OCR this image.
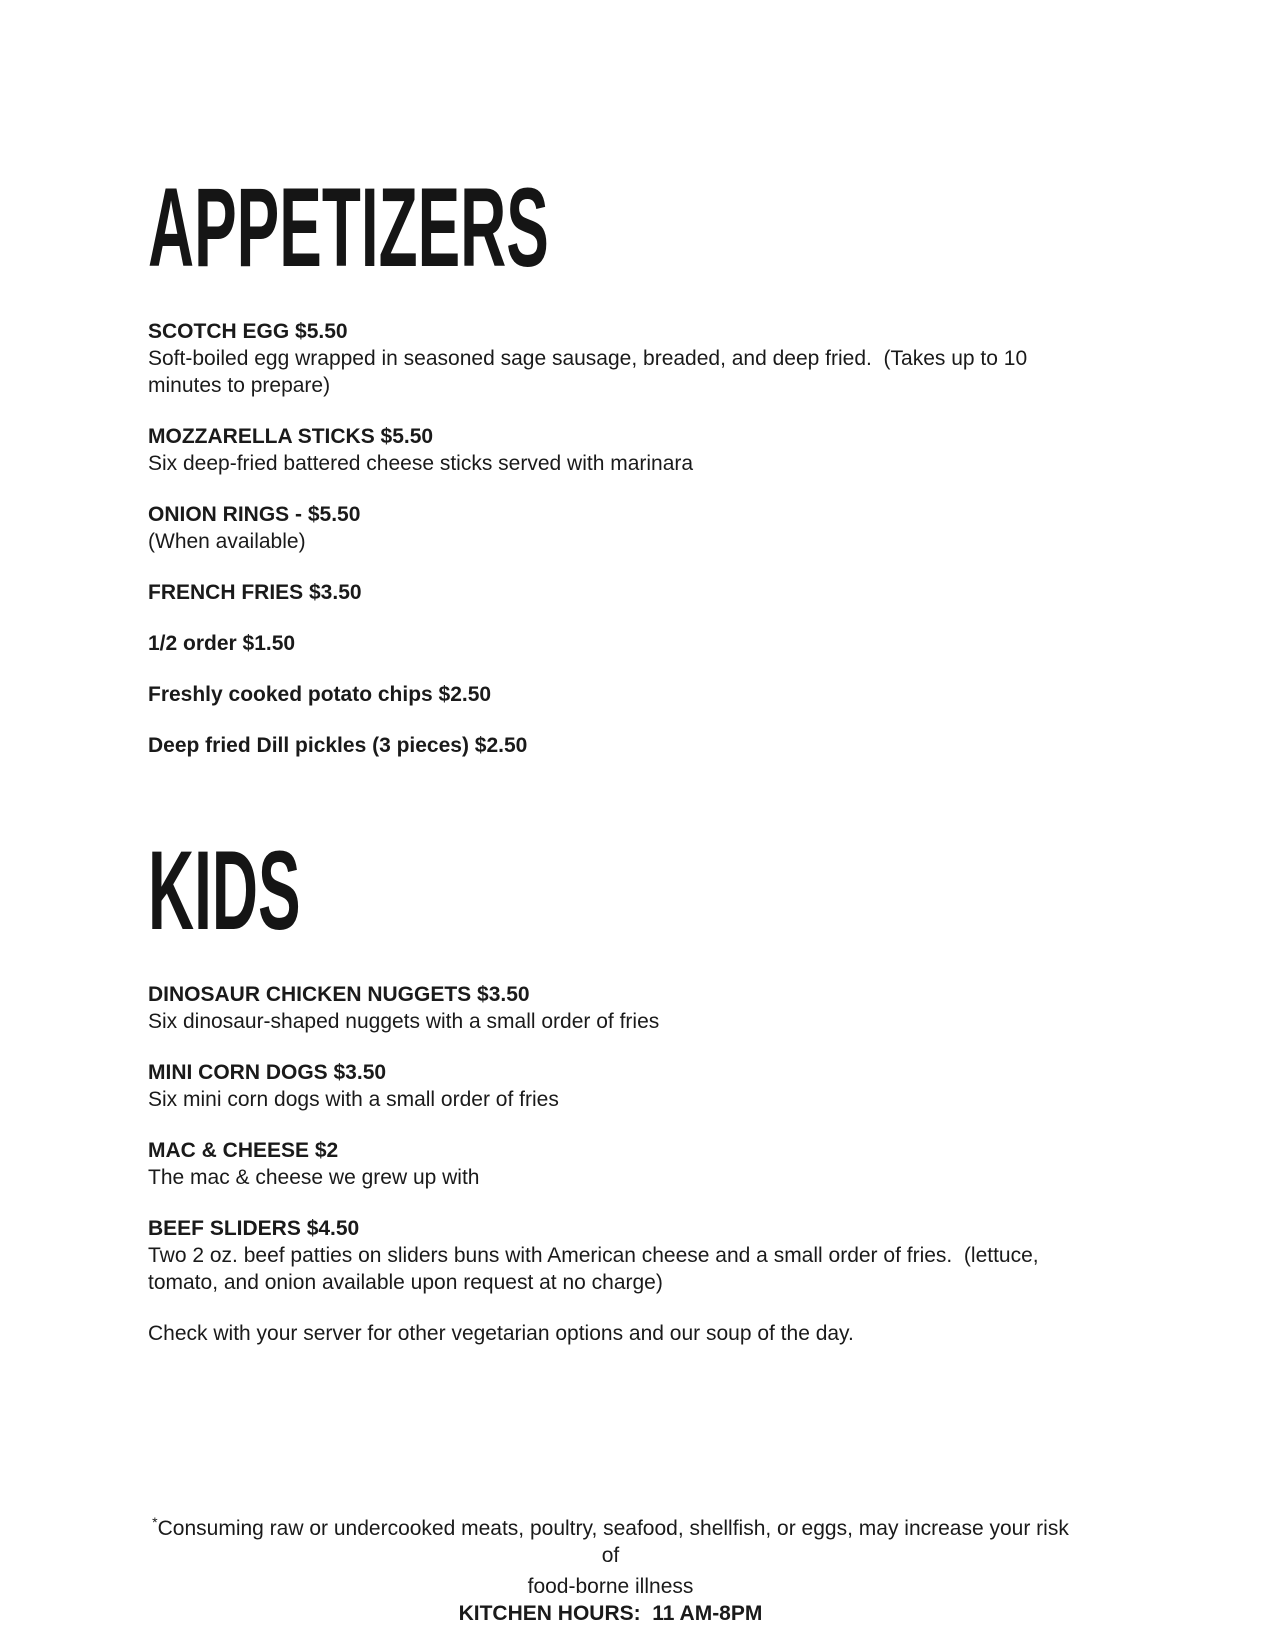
APPETIZERS
SCOTCH EGG $5.50
Soft-boiled egg wrapped in seasoned sage sausage, breaded, and deep fried.  (Takes up to 10 minutes to prepare)
MOZZARELLA STICKS $5.50
Six deep-fried battered cheese sticks served with marinara
ONION RINGS - $5.50
(When available)
FRENCH FRIES $3.50
1/2 order $1.50
Freshly cooked potato chips $2.50
Deep fried Dill pickles (3 pieces) $2.50
KIDS
DINOSAUR CHICKEN NUGGETS $3.50
Six dinosaur-shaped nuggets with a small order of fries
MINI CORN DOGS $3.50
Six mini corn dogs with a small order of fries
MAC & CHEESE $2
The mac & cheese we grew up with
BEEF SLIDERS $4.50
Two 2 oz. beef patties on sliders buns with American cheese and a small order of fries.  (lettuce, tomato, and onion available upon request at no charge)
Check with your server for other vegetarian options and our soup of the day.
*Consuming raw or undercooked meats, poultry, seafood, shellfish, or eggs, may increase your risk of
food-borne illness
KITCHEN HOURS:  11 AM-8PM
